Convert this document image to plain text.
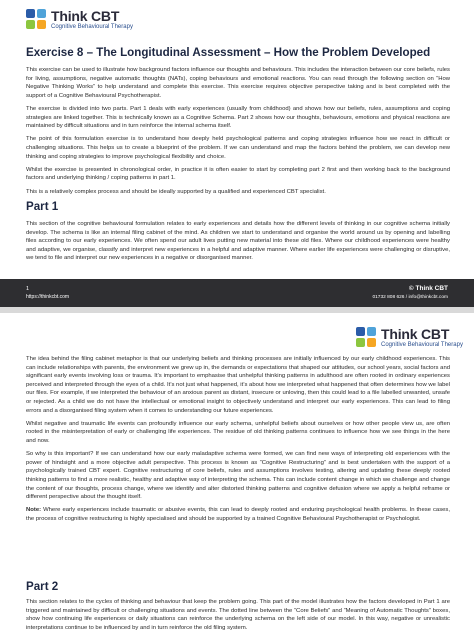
Think CBT
Cognitive Behavioural Therapy
Exercise 8 – The Longitudinal Assessment – How the Problem Developed

This exercise can be used to illustrate how background factors influence our thoughts and behaviours. This includes the interaction between our core beliefs, rules for living, assumptions, negative automatic thoughts (NATs), coping behaviours and emotional reactions. You can read through the following section on “How Negative Thinking Works” to help understand and complete this exercise. This exercise requires objective perspective taking and is best completed with the support of a Cognitive Behavioural Psychotherapist.

The exercise is divided into two parts. Part 1 deals with early experiences (usually from childhood) and shows how our beliefs, rules, assumptions and coping strategies are linked together. This is technically known as a Cognitive Schema. Part 2 shows how our thoughts, behaviours, emotions and physical reactions are maintained by difficult situations and in turn reinforce the internal schema itself.

The point of this formulation exercise is to understand how deeply held psychological patterns and coping strategies influence how we react in difficult or challenging situations. This helps us to create a blueprint of the problem. If we can understand and map the factors behind the problem, we can develop new thinking and coping strategies to improve psychological flexibility and choice.

Whilst the exercise is presented in chronological order, in practice it is often easier to start by completing part 2 first and then working back to the background factors and underlying thinking / coping patterns in part 1.

This is a relatively complex process and should be ideally supported by a qualified and experienced CBT specialist.

Part 1

This section of the cognitive behavioural formulation relates to early experiences and details how the different levels of thinking in our cognitive schema initially develop. The schema is like an internal filing cabinet of the mind. As children we start to understand and organise the world around us by opening and labelling files according to our early experiences. We often spend our adult lives putting new material into these old files. Where our childhood experiences were healthy and adaptive, we organise, classify and interpret new experiences in a helpful and adaptive manner. Where earlier life experiences were challenging or disruptive, we tend to file and interpret our new experiences in a negative or disorganised manner.

1
https://thinkcbt.com
© Think CBT
01732 808 626 / info@thinkcbt.com
Think CBT
Cognitive Behavioural Therapy

The idea behind the filing cabinet metaphor is that our underlying beliefs and thinking processes are initially influenced by our early childhood experiences. This can include relationships with parents, the environment we grew up in, the demands or expectations that shaped our attitudes, our school years, social factors and significant early events involving loss or trauma. It’s important to emphasise that unhelpful thinking patterns in adulthood are often rooted in ordinary experiences perceived and interpreted through the eyes of a child. It’s not just what happened, it’s about how we interpreted what happened that often determines how we label our files. For example, if we interpreted the behaviour of an anxious parent as distant, insecure or unloving, then this could lead to a file labelled unwanted, unsafe or rejected. As a child we do not have the intellectual or emotional insight to objectively understand and interpret our early experiences. This can lead to filing errors and a disorganised filing system when it comes to understanding our future experiences.

Whilst negative and traumatic life events can profoundly influence our early schema, unhelpful beliefs about ourselves or how other people view us, are often rooted in the misinterpretation of early or challenging life experiences. The residue of old thinking patterns continues to influence how we see things in the here and now.

So why is this important? If we can understand how our early maladaptive schema were formed, we can find new ways of interpreting old experiences with the power of hindsight and a more objective adult perspective. This process is known as “Cognitive Restructuring” and is best undertaken with the support of a psychologically trained CBT expert. Cognitive restructuring of core beliefs, rules and assumptions involves testing, altering and updating these deeply rooted thinking patterns to find a more realistic, healthy and adaptive way of interpreting the schema. This can include content change in which we challenge and change the content of our thoughts, process change, where we identify and alter distorted thinking patterns and cognitive defusion where we apply a helpful reframe or different perspective about the thought itself.

Note: Where early experiences include traumatic or abusive events, this can lead to deeply rooted and enduring psychological health problems. In these cases, the process of cognitive restructuring is highly specialised and should be supported by a trained Cognitive Behavioural Psychotherapist or Psychologist.

Part 2

This section relates to the cycles of thinking and behaviour that keep the problem going. This part of the model illustrates how the factors developed in Part 1 are triggered and maintained by difficult or challenging situations and events. The dotted line between the “Core Beliefs” and “Meaning of Automatic Thoughts” boxes, show how continuing life experiences or daily situations can reinforce the underlying schema on the left side of our model. In this way, negative or unrealistic interpretations continue to be influenced by and in turn reinforce the old filing system.
